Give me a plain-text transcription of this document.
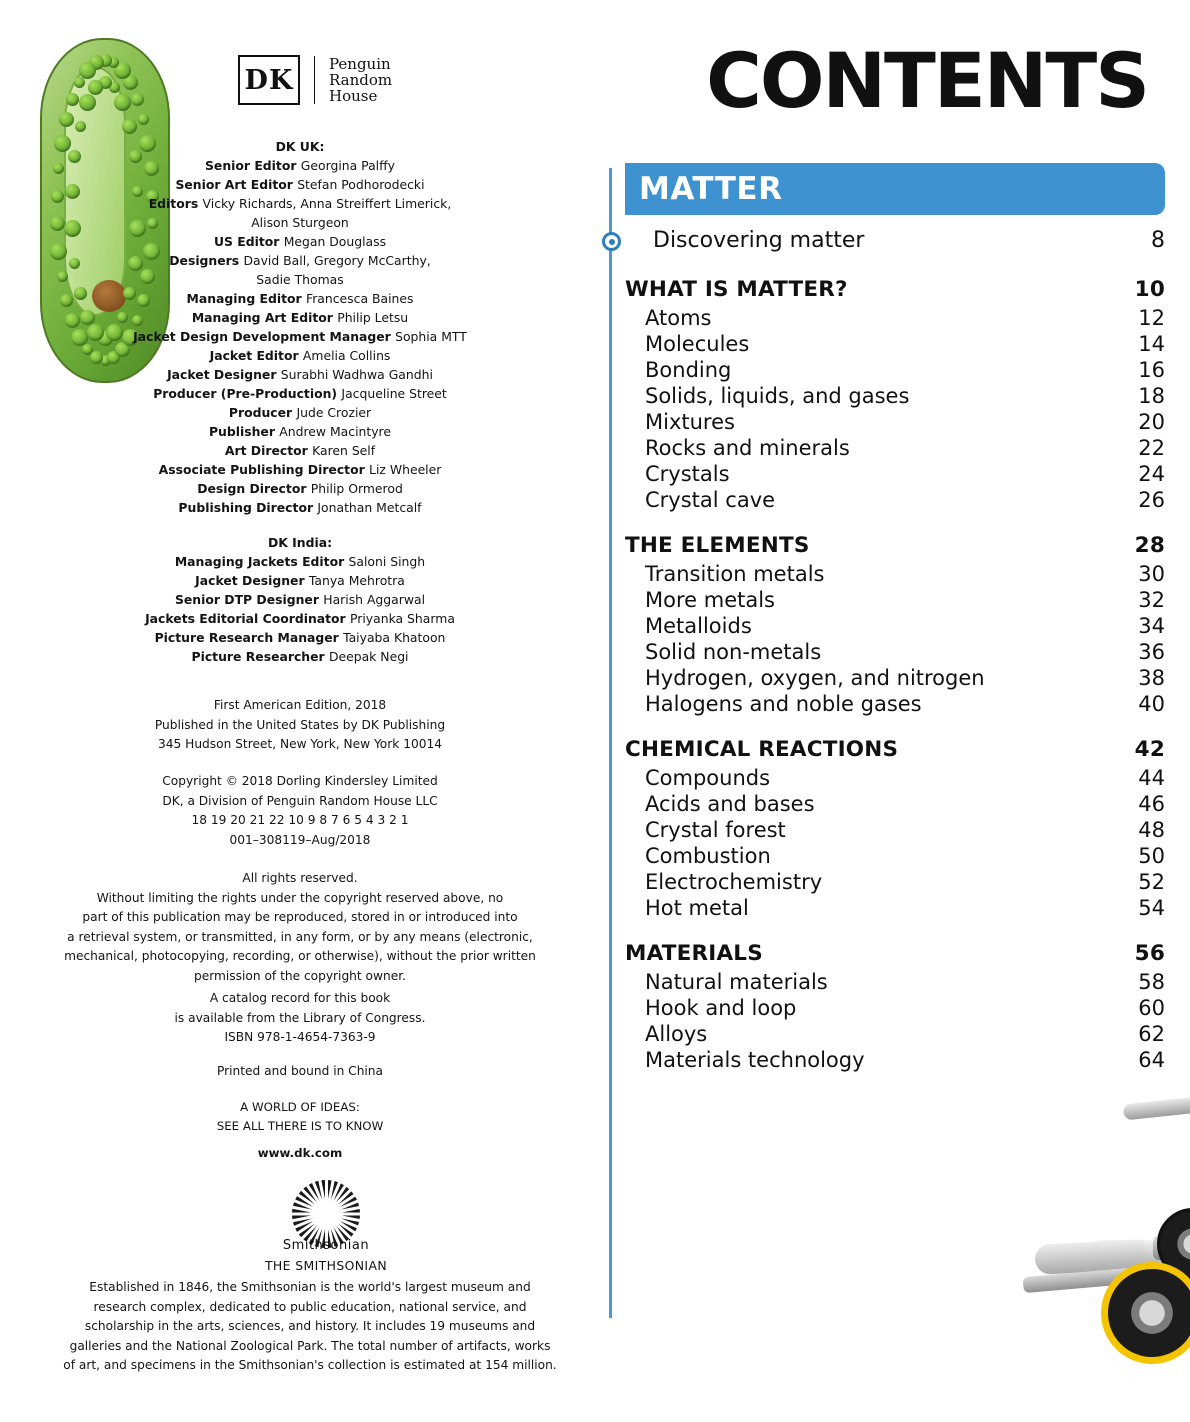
DK
Penguin
Random
House
DK UK:
Senior Editor Georgina Palffy
Senior Art Editor Stefan Podhorodecki
Editors Vicky Richards, Anna Streiffert Limerick,
Alison Sturgeon
US Editor Megan Douglass
Designers David Ball, Gregory McCarthy,
Sadie Thomas
Managing Editor Francesca Baines
Managing Art Editor Philip Letsu
Jacket Design Development Manager Sophia MTT
Jacket Editor Amelia Collins
Jacket Designer Surabhi Wadhwa Gandhi
Producer (Pre-Production) Jacqueline Street
Producer Jude Crozier
Publisher Andrew Macintyre
Art Director Karen Self
Associate Publishing Director Liz Wheeler
Design Director Philip Ormerod
Publishing Director Jonathan Metcalf
DK India:
Managing Jackets Editor Saloni Singh
Jacket Designer Tanya Mehrotra
Senior DTP Designer Harish Aggarwal
Jackets Editorial Coordinator Priyanka Sharma
Picture Research Manager Taiyaba Khatoon
Picture Researcher Deepak Negi
First American Edition, 2018
Published in the United States by DK Publishing
345 Hudson Street, New York, New York 10014
Copyright © 2018 Dorling Kindersley Limited
DK, a Division of Penguin Random House LLC
18 19 20 21 22 10 9 8 7 6 5 4 3 2 1
001–308119–Aug/2018
All rights reserved.
Without limiting the rights under the copyright reserved above, no
part of this publication may be reproduced, stored in or introduced into
a retrieval system, or transmitted, in any form, or by any means (electronic,
mechanical, photocopying, recording, or otherwise), without the prior written
permission of the copyright owner.
A catalog record for this book
is available from the Library of Congress.
ISBN 978-1-4654-7363-9
Printed and bound in China
A WORLD OF IDEAS:
SEE ALL THERE IS TO KNOW
www.dk.com
Smithsonian
THE SMITHSONIAN
Established in 1846, the Smithsonian is the world's largest museum and
research complex, dedicated to public education, national service, and
scholarship in the arts, sciences, and history. It includes 19 museums and
galleries and the National Zoological Park. The total number of artifacts, works
of art, and specimens in the Smithsonian's collection is estimated at 154 million.
CONTENTS
MATTER
Discovering matter	8
WHAT IS MATTER?	10
Atoms	12
Molecules	14
Bonding	16
Solids, liquids, and gases	18
Mixtures	20
Rocks and minerals	22
Crystals	24
Crystal cave	26
THE ELEMENTS	28
Transition metals	30
More metals	32
Metalloids	34
Solid non-metals	36
Hydrogen, oxygen, and nitrogen	38
Halogens and noble gases	40
CHEMICAL REACTIONS	42
Compounds	44
Acids and bases	46
Crystal forest	48
Combustion	50
Electrochemistry	52
Hot metal	54
MATERIALS	56
Natural materials	58
Hook and loop	60
Alloys	62
Materials technology	64
